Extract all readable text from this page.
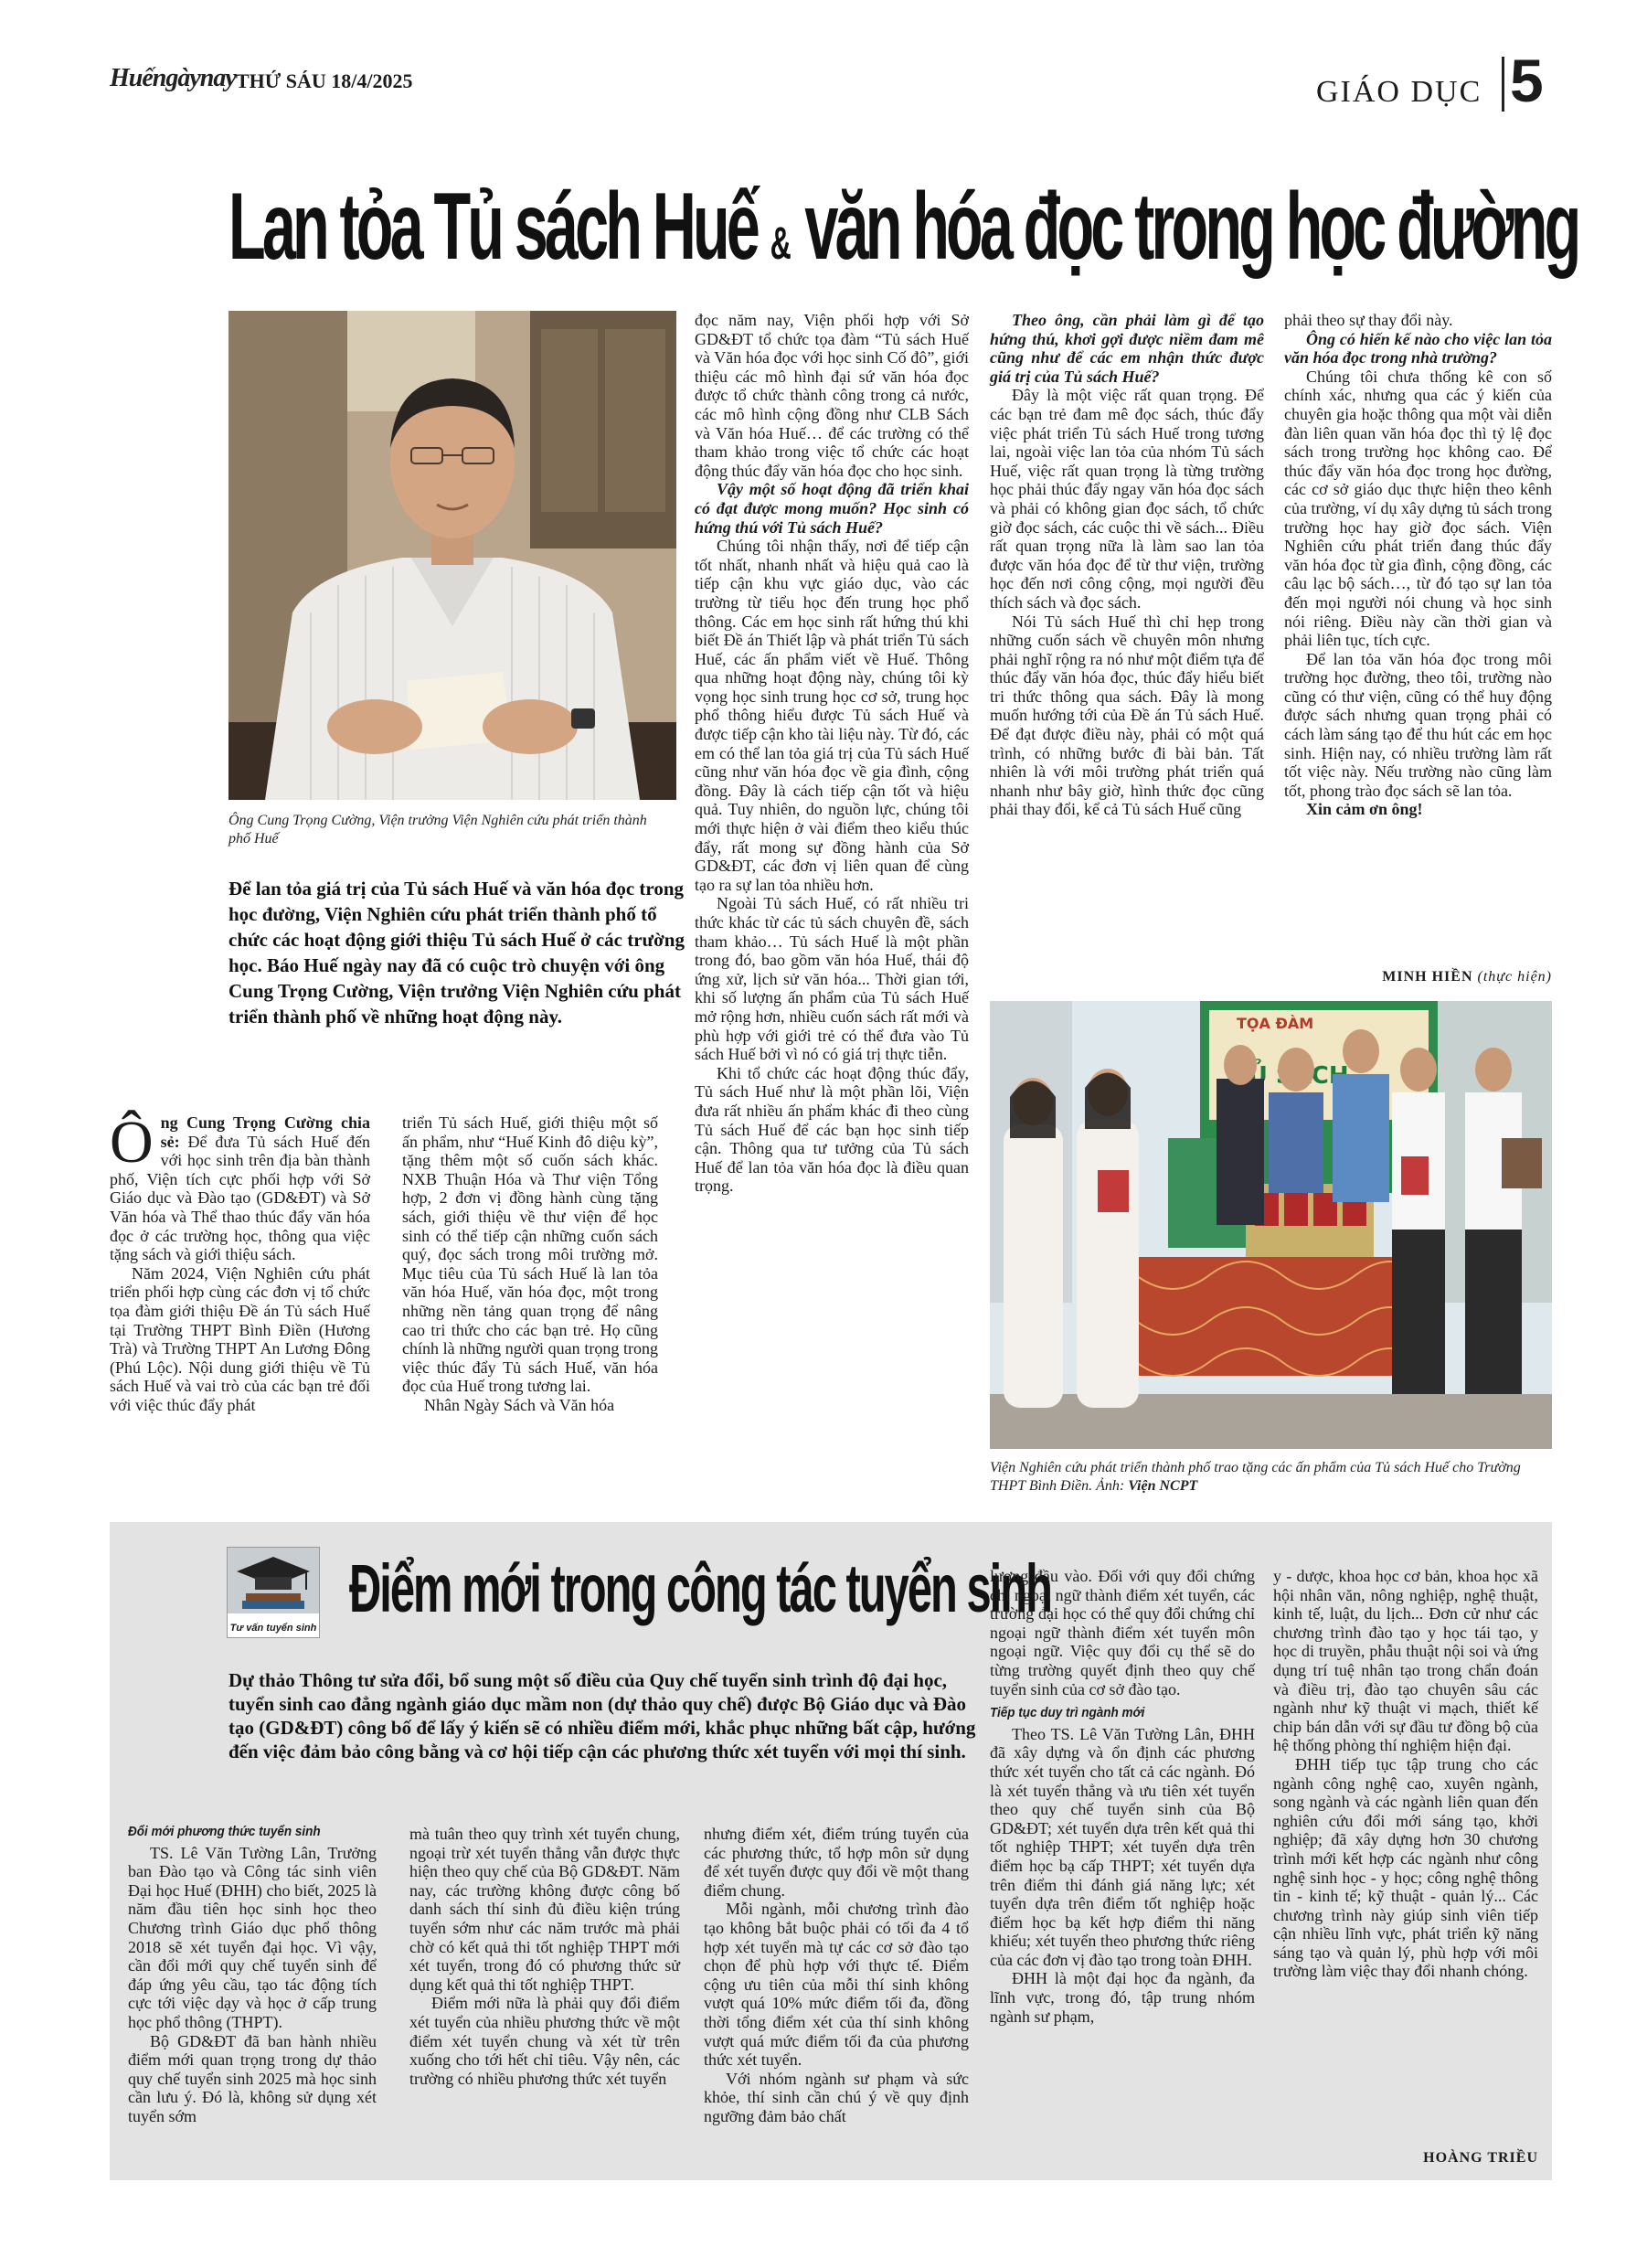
Huếngàynay THỨ SÁU 18/4/2025	GIÁO DỤC 5
Lan tỏa Tủ sách Huế & văn hóa đọc trong học đường
Ông Cung Trọng Cường, Viện trưởng Viện Nghiên cứu phát triển thành phố Huế
Để lan tỏa giá trị của Tủ sách Huế và văn hóa đọc trong học đường, Viện Nghiên cứu phát triển thành phố tổ chức các hoạt động giới thiệu Tủ sách Huế ở các trường học. Báo Huế ngày nay đã có cuộc trò chuyện với ông Cung Trọng Cường, Viện trưởng Viện Nghiên cứu phát triển thành phố về những hoạt động này.

Ông Cung Trọng Cường chia sẻ: Để đưa Tủ sách Huế đến với học sinh trên địa bàn thành phố, Viện tích cực phối hợp với Sở Giáo dục và Đào tạo (GD&ĐT) và Sở Văn hóa và Thể thao thúc đẩy văn hóa đọc ở các trường học, thông qua việc tặng sách và giới thiệu sách.

Năm 2024, Viện Nghiên cứu phát triển phối hợp cùng các đơn vị tổ chức tọa đàm giới thiệu Đề án Tủ sách Huế tại Trường THPT Bình Điền (Hương Trà) và Trường THPT An Lương Đông (Phú Lộc). Nội dung giới thiệu về Tủ sách Huế và vai trò của các bạn trẻ đối với việc thúc đẩy phát

triển Tủ sách Huế, giới thiệu một số ấn phẩm, như “Huế Kinh đô diệu kỳ”, tặng thêm một số cuốn sách khác. NXB Thuận Hóa và Thư viện Tổng hợp, 2 đơn vị đồng hành cùng tặng sách, giới thiệu về thư viện để học sinh có thể tiếp cận những cuốn sách quý, đọc sách trong môi trường mở. Mục tiêu của Tủ sách Huế là lan tỏa văn hóa Huế, văn hóa đọc, một trong những nền tảng quan trọng để nâng cao tri thức cho các bạn trẻ. Họ cũng chính là những người quan trọng trong việc thúc đẩy Tủ sách Huế, văn hóa đọc của Huế trong tương lai.

Nhân Ngày Sách và Văn hóa

đọc năm nay, Viện phối hợp với Sở GD&ĐT tổ chức tọa đàm “Tủ sách Huế và Văn hóa đọc với học sinh Cố đô”, giới thiệu các mô hình đại sứ văn hóa đọc được tổ chức thành công trong cả nước, các mô hình cộng đồng như CLB Sách và Văn hóa Huế… để các trường có thể tham khảo trong việc tổ chức các hoạt động thúc đẩy văn hóa đọc cho học sinh.

Vậy một số hoạt động đã triển khai có đạt được mong muốn? Học sinh có hứng thú với Tủ sách Huế?

Chúng tôi nhận thấy, nơi để tiếp cận tốt nhất, nhanh nhất và hiệu quả cao là tiếp cận khu vực giáo dục, vào các trường từ tiểu học đến trung học phổ thông. Các em học sinh rất hứng thú khi biết Đề án Thiết lập và phát triển Tủ sách Huế, các ấn phẩm viết về Huế. Thông qua những hoạt động này, chúng tôi kỳ vọng học sinh trung học cơ sở, trung học phổ thông hiểu được Tủ sách Huế và được tiếp cận kho tài liệu này. Từ đó, các em có thể lan tỏa giá trị của Tủ sách Huế cũng như văn hóa đọc về gia đình, cộng đồng. Đây là cách tiếp cận tốt và hiệu quả. Tuy nhiên, do nguồn lực, chúng tôi mới thực hiện ở vài điểm theo kiểu thúc đẩy, rất mong sự đồng hành của Sở GD&ĐT, các đơn vị liên quan để cùng tạo ra sự lan tỏa nhiều hơn.

Ngoài Tủ sách Huế, có rất nhiều tri thức khác từ các tủ sách chuyên đề, sách tham khảo… Tủ sách Huế là một phần trong đó, bao gồm văn hóa Huế, thái độ ứng xử, lịch sử văn hóa... Thời gian tới, khi số lượng ấn phẩm của Tủ sách Huế mở rộng hơn, nhiều cuốn sách rất mới và phù hợp với giới trẻ có thể đưa vào Tủ sách Huế bởi vì nó có giá trị thực tiễn.

Khi tổ chức các hoạt động thúc đẩy, Tủ sách Huế như là một phần lõi, Viện đưa rất nhiều ấn phẩm khác đi theo cùng Tủ sách Huế để các bạn học sinh tiếp cận. Thông qua tư tưởng của Tủ sách Huế để lan tỏa văn hóa đọc là điều quan trọng.

Theo ông, cần phải làm gì để tạo hứng thú, khơi gợi được niềm đam mê cũng như để các em nhận thức được giá trị của Tủ sách Huế?

Đây là một việc rất quan trọng. Để các bạn trẻ đam mê đọc sách, thúc đẩy việc phát triển Tủ sách Huế trong tương lai, ngoài việc lan tỏa của nhóm Tủ sách Huế, việc rất quan trọng là từng trường học phải thúc đẩy ngay văn hóa đọc sách và phải có không gian đọc sách, tổ chức giờ đọc sách, các cuộc thi về sách... Điều rất quan trọng nữa là làm sao lan tỏa được văn hóa đọc để từ thư viện, trường học đến nơi công cộng, mọi người đều thích sách và đọc sách.

Nói Tủ sách Huế thì chỉ hẹp trong những cuốn sách về chuyên môn nhưng phải nghĩ rộng ra nó như một điểm tựa để thúc đẩy văn hóa đọc, thúc đẩy hiểu biết tri thức thông qua sách. Đây là mong muốn hướng tới của Đề án Tủ sách Huế. Để đạt được điều này, phải có một quá trình, có những bước đi bài bản. Tất nhiên là với môi trường phát triển quá nhanh như bây giờ, hình thức đọc cũng phải thay đổi, kể cả Tủ sách Huế cũng

phải theo sự thay đổi này.

Ông có hiến kế nào cho việc lan tỏa văn hóa đọc trong nhà trường?

Chúng tôi chưa thống kê con số chính xác, nhưng qua các ý kiến của chuyên gia hoặc thông qua một vài diễn đàn liên quan văn hóa đọc thì tỷ lệ đọc sách trong trường học không cao. Để thúc đẩy văn hóa đọc trong học đường, các cơ sở giáo dục thực hiện theo kênh của trường, ví dụ xây dựng tủ sách trong trường học hay giờ đọc sách. Viện Nghiên cứu phát triển đang thúc đẩy văn hóa đọc từ gia đình, cộng đồng, các câu lạc bộ sách…, từ đó tạo sự lan tỏa đến mọi người nói chung và học sinh nói riêng. Điều này cần thời gian và phải liên tục, tích cực.

Để lan tỏa văn hóa đọc trong môi trường học đường, theo tôi, trường nào cũng có thư viện, cũng có thể huy động được sách nhưng quan trọng phải có cách làm sáng tạo để thu hút các em học sinh. Hiện nay, có nhiều trường làm rất tốt việc này. Nếu trường nào cũng làm tốt, phong trào đọc sách sẽ lan tỏa.

Xin cảm ơn ông!

MINH HIỀN (thực hiện)
TỌA ĐÀM
Viện Nghiên cứu phát triển thành phố trao tặng các ấn phẩm của Tủ sách Huế cho Trường THPT Bình Điền. Ảnh: Viện NCPT
Tư vấn tuyển sinh
Điểm mới trong công tác tuyển sinh
Dự thảo Thông tư sửa đổi, bổ sung một số điều của Quy chế tuyển sinh trình độ đại học, tuyển sinh cao đẳng ngành giáo dục mầm non (dự thảo quy chế) được Bộ Giáo dục và Đào tạo (GD&ĐT) công bố để lấy ý kiến sẽ có nhiều điểm mới, khắc phục những bất cập, hướng đến việc đảm bảo công bằng và cơ hội tiếp cận các phương thức xét tuyển với mọi thí sinh.
Đổi mới phương thức tuyển sinh

TS. Lê Văn Tường Lân, Trưởng ban Đào tạo và Công tác sinh viên Đại học Huế (ĐHH) cho biết, 2025 là năm đầu tiên học sinh học theo Chương trình Giáo dục phổ thông 2018 sẽ xét tuyển đại học. Vì vậy, cần đổi mới quy chế tuyển sinh để đáp ứng yêu cầu, tạo tác động tích cực tới việc dạy và học ở cấp trung học phổ thông (THPT).

Bộ GD&ĐT đã ban hành nhiều điểm mới quan trọng trong dự thảo quy chế tuyển sinh 2025 mà học sinh cần lưu ý. Đó là, không sử dụng xét tuyển sớm

mà tuân theo quy trình xét tuyển chung, ngoại trừ xét tuyển thẳng vẫn được thực hiện theo quy chế của Bộ GD&ĐT. Năm nay, các trường không được công bố danh sách thí sinh đủ điều kiện trúng tuyển sớm như các năm trước mà phải chờ có kết quả thi tốt nghiệp THPT mới xét tuyển, trong đó có phương thức sử dụng kết quả thi tốt nghiệp THPT.

Điểm mới nữa là phải quy đổi điểm xét tuyển của nhiều phương thức về một điểm xét tuyển chung và xét từ trên xuống cho tới hết chỉ tiêu. Vậy nên, các trường có nhiều phương thức xét tuyển

nhưng điểm xét, điểm trúng tuyển của các phương thức, tổ hợp môn sử dụng để xét tuyển được quy đổi về một thang điểm chung.

Mỗi ngành, mỗi chương trình đào tạo không bắt buộc phải có tối đa 4 tổ hợp xét tuyển mà tự các cơ sở đào tạo chọn để phù hợp với thực tế. Điểm cộng ưu tiên của mỗi thí sinh không vượt quá 10% mức điểm tối đa, đồng thời tổng điểm xét của thí sinh không vượt quá mức điểm tối đa của phương thức xét tuyển.

Với nhóm ngành sư phạm và sức khỏe, thí sinh cần chú ý về quy định ngưỡng đảm bảo chất

lượng đầu vào. Đối với quy đổi chứng chỉ ngoại ngữ thành điểm xét tuyển, các trường đại học có thể quy đổi chứng chỉ ngoại ngữ thành điểm xét tuyển môn ngoại ngữ. Việc quy đổi cụ thể sẽ do từng trường quyết định theo quy chế tuyển sinh của cơ sở đào tạo.

Tiếp tục duy trì ngành mới

Theo TS. Lê Văn Tường Lân, ĐHH đã xây dựng và ổn định các phương thức xét tuyển cho tất cả các ngành. Đó là xét tuyển thẳng và ưu tiên xét tuyển theo quy chế tuyển sinh của Bộ GD&ĐT; xét tuyển dựa trên kết quả thi tốt nghiệp THPT; xét tuyển dựa trên điểm học bạ cấp THPT; xét tuyển dựa trên điểm thi đánh giá năng lực; xét tuyển dựa trên điểm tốt nghiệp hoặc điểm học bạ kết hợp điểm thi năng khiếu; xét tuyển theo phương thức riêng của các đơn vị đào tạo trong toàn ĐHH.

ĐHH là một đại học đa ngành, đa lĩnh vực, trong đó, tập trung nhóm ngành sư phạm,

y - dược, khoa học cơ bản, khoa học xã hội nhân văn, nông nghiệp, nghệ thuật, kinh tế, luật, du lịch... Đơn cử như các chương trình đào tạo y học tái tạo, y học di truyền, phẫu thuật nội soi và ứng dụng trí tuệ nhân tạo trong chẩn đoán và điều trị, đào tạo chuyên sâu các ngành như kỹ thuật vi mạch, thiết kế chip bán dẫn với sự đầu tư đồng bộ của hệ thống phòng thí nghiệm hiện đại.

ĐHH tiếp tục tập trung cho các ngành công nghệ cao, xuyên ngành, song ngành và các ngành liên quan đến nghiên cứu đổi mới sáng tạo, khởi nghiệp; đã xây dựng hơn 30 chương trình mới kết hợp các ngành như công nghệ sinh học - y học; công nghệ thông tin - kinh tế; kỹ thuật - quản lý... Các chương trình này giúp sinh viên tiếp cận nhiều lĩnh vực, phát triển kỹ năng sáng tạo và quản lý, phù hợp với môi trường làm việc thay đổi nhanh chóng.

HOÀNG TRIỀU
